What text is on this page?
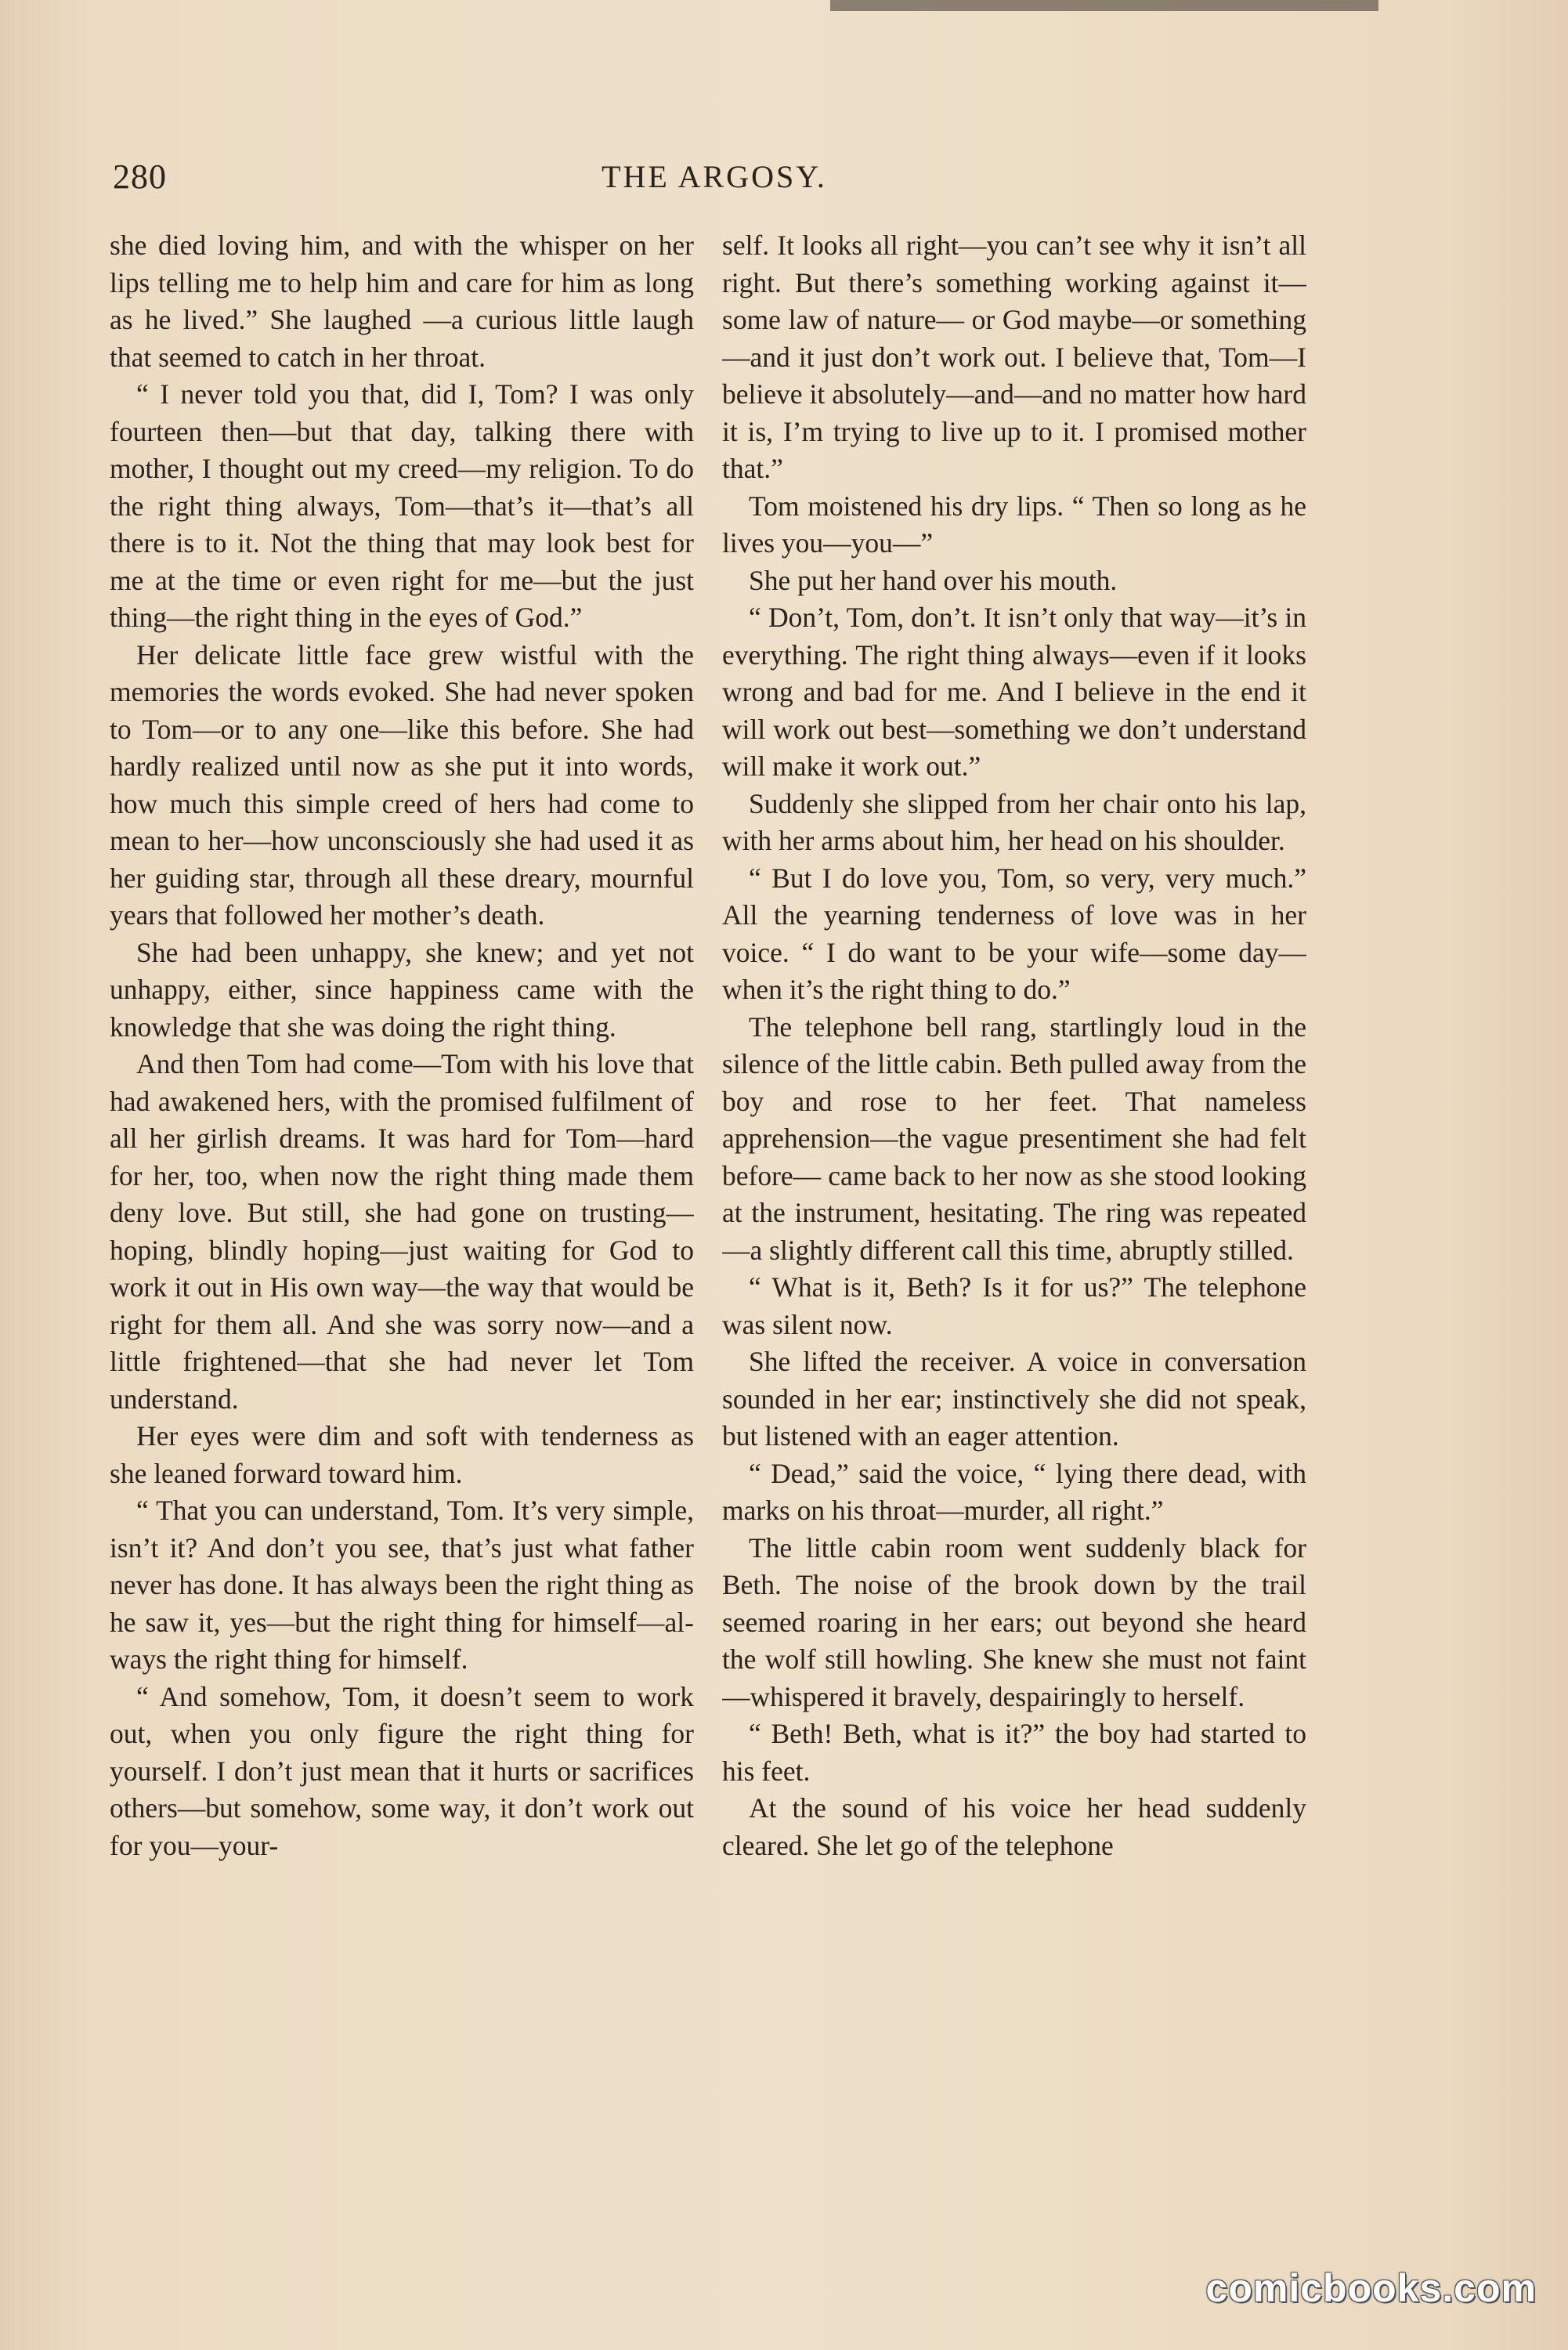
280	THE ARGOSY.

she died loving him, and with the whisper on her lips telling me to help him and care for him as long as he lived.” She laughed —a curious little laugh that seemed to catch in her throat.

“ I never told you that, did I, Tom? I was only fourteen then—but that day, talking there with mother, I thought out my creed—my religion. To do the right thing always, Tom—that’s it—that’s all there is to it. Not the thing that may look best for me at the time or even right for me—but the just thing—the right thing in the eyes of God.”

Her delicate little face grew wistful with the memories the words evoked. She had never spoken to Tom—or to any one—like this before. She had hardly realized until now as she put it into words, how much this simple creed of hers had come to mean to her—how unconsciously she had used it as her guiding star, through all these dreary, mournful years that followed her mother’s death.

She had been unhappy, she knew; and yet not unhappy, either, since happiness came with the knowledge that she was doing the right thing.

And then Tom had come—Tom with his love that had awakened hers, with the promised fulfilment of all her girlish dreams. It was hard for Tom—hard for her, too, when now the right thing made them deny love. But still, she had gone on trusting—hoping, blindly hoping—just waiting for God to work it out in His own way—the way that would be right for them all. And she was sorry now—and a little frightened—that she had never let Tom understand.

Her eyes were dim and soft with tenderness as she leaned forward toward him.

“ That you can understand, Tom. It’s very simple, isn’t it? And don’t you see, that’s just what father never has done. It has always been the right thing as he saw it, yes—but the right thing for himself—always the right thing for himself.

“ And somehow, Tom, it doesn’t seem to work out, when you only figure the right thing for yourself. I don’t just mean that it hurts or sacrifices others—but somehow, some way, it don’t work out for you—your-

self. It looks all right—you can’t see why it isn’t all right. But there’s something working against it—some law of nature— or God maybe—or something—and it just don’t work out. I believe that, Tom—I believe it absolutely—and—and no matter how hard it is, I’m trying to live up to it. I promised mother that.”

Tom moistened his dry lips. “ Then so long as he lives you—you—”

She put her hand over his mouth.

“ Don’t, Tom, don’t. It isn’t only that way—it’s in everything. The right thing always—even if it looks wrong and bad for me. And I believe in the end it will work out best—something we don’t understand will make it work out.”

Suddenly she slipped from her chair onto his lap, with her arms about him, her head on his shoulder.

“ But I do love you, Tom, so very, very much.” All the yearning tenderness of love was in her voice. “ I do want to be your wife—some day—when it’s the right thing to do.”

The telephone bell rang, startlingly loud in the silence of the little cabin. Beth pulled away from the boy and rose to her feet. That nameless apprehension—the vague presentiment she had felt before— came back to her now as she stood looking at the instrument, hesitating. The ring was repeated—a slightly different call this time, abruptly stilled.

“ What is it, Beth? Is it for us?” The telephone was silent now.

She lifted the receiver. A voice in conversation sounded in her ear; instinctively she did not speak, but listened with an eager attention.

“ Dead,” said the voice, “ lying there dead, with marks on his throat—murder, all right.”

The little cabin room went suddenly black for Beth. The noise of the brook down by the trail seemed roaring in her ears; out beyond she heard the wolf still howling. She knew she must not faint—whispered it bravely, despairingly to herself.

“ Beth! Beth, what is it?” the boy had started to his feet.

At the sound of his voice her head suddenly cleared. She let go of the telephone

comicbooks.com
